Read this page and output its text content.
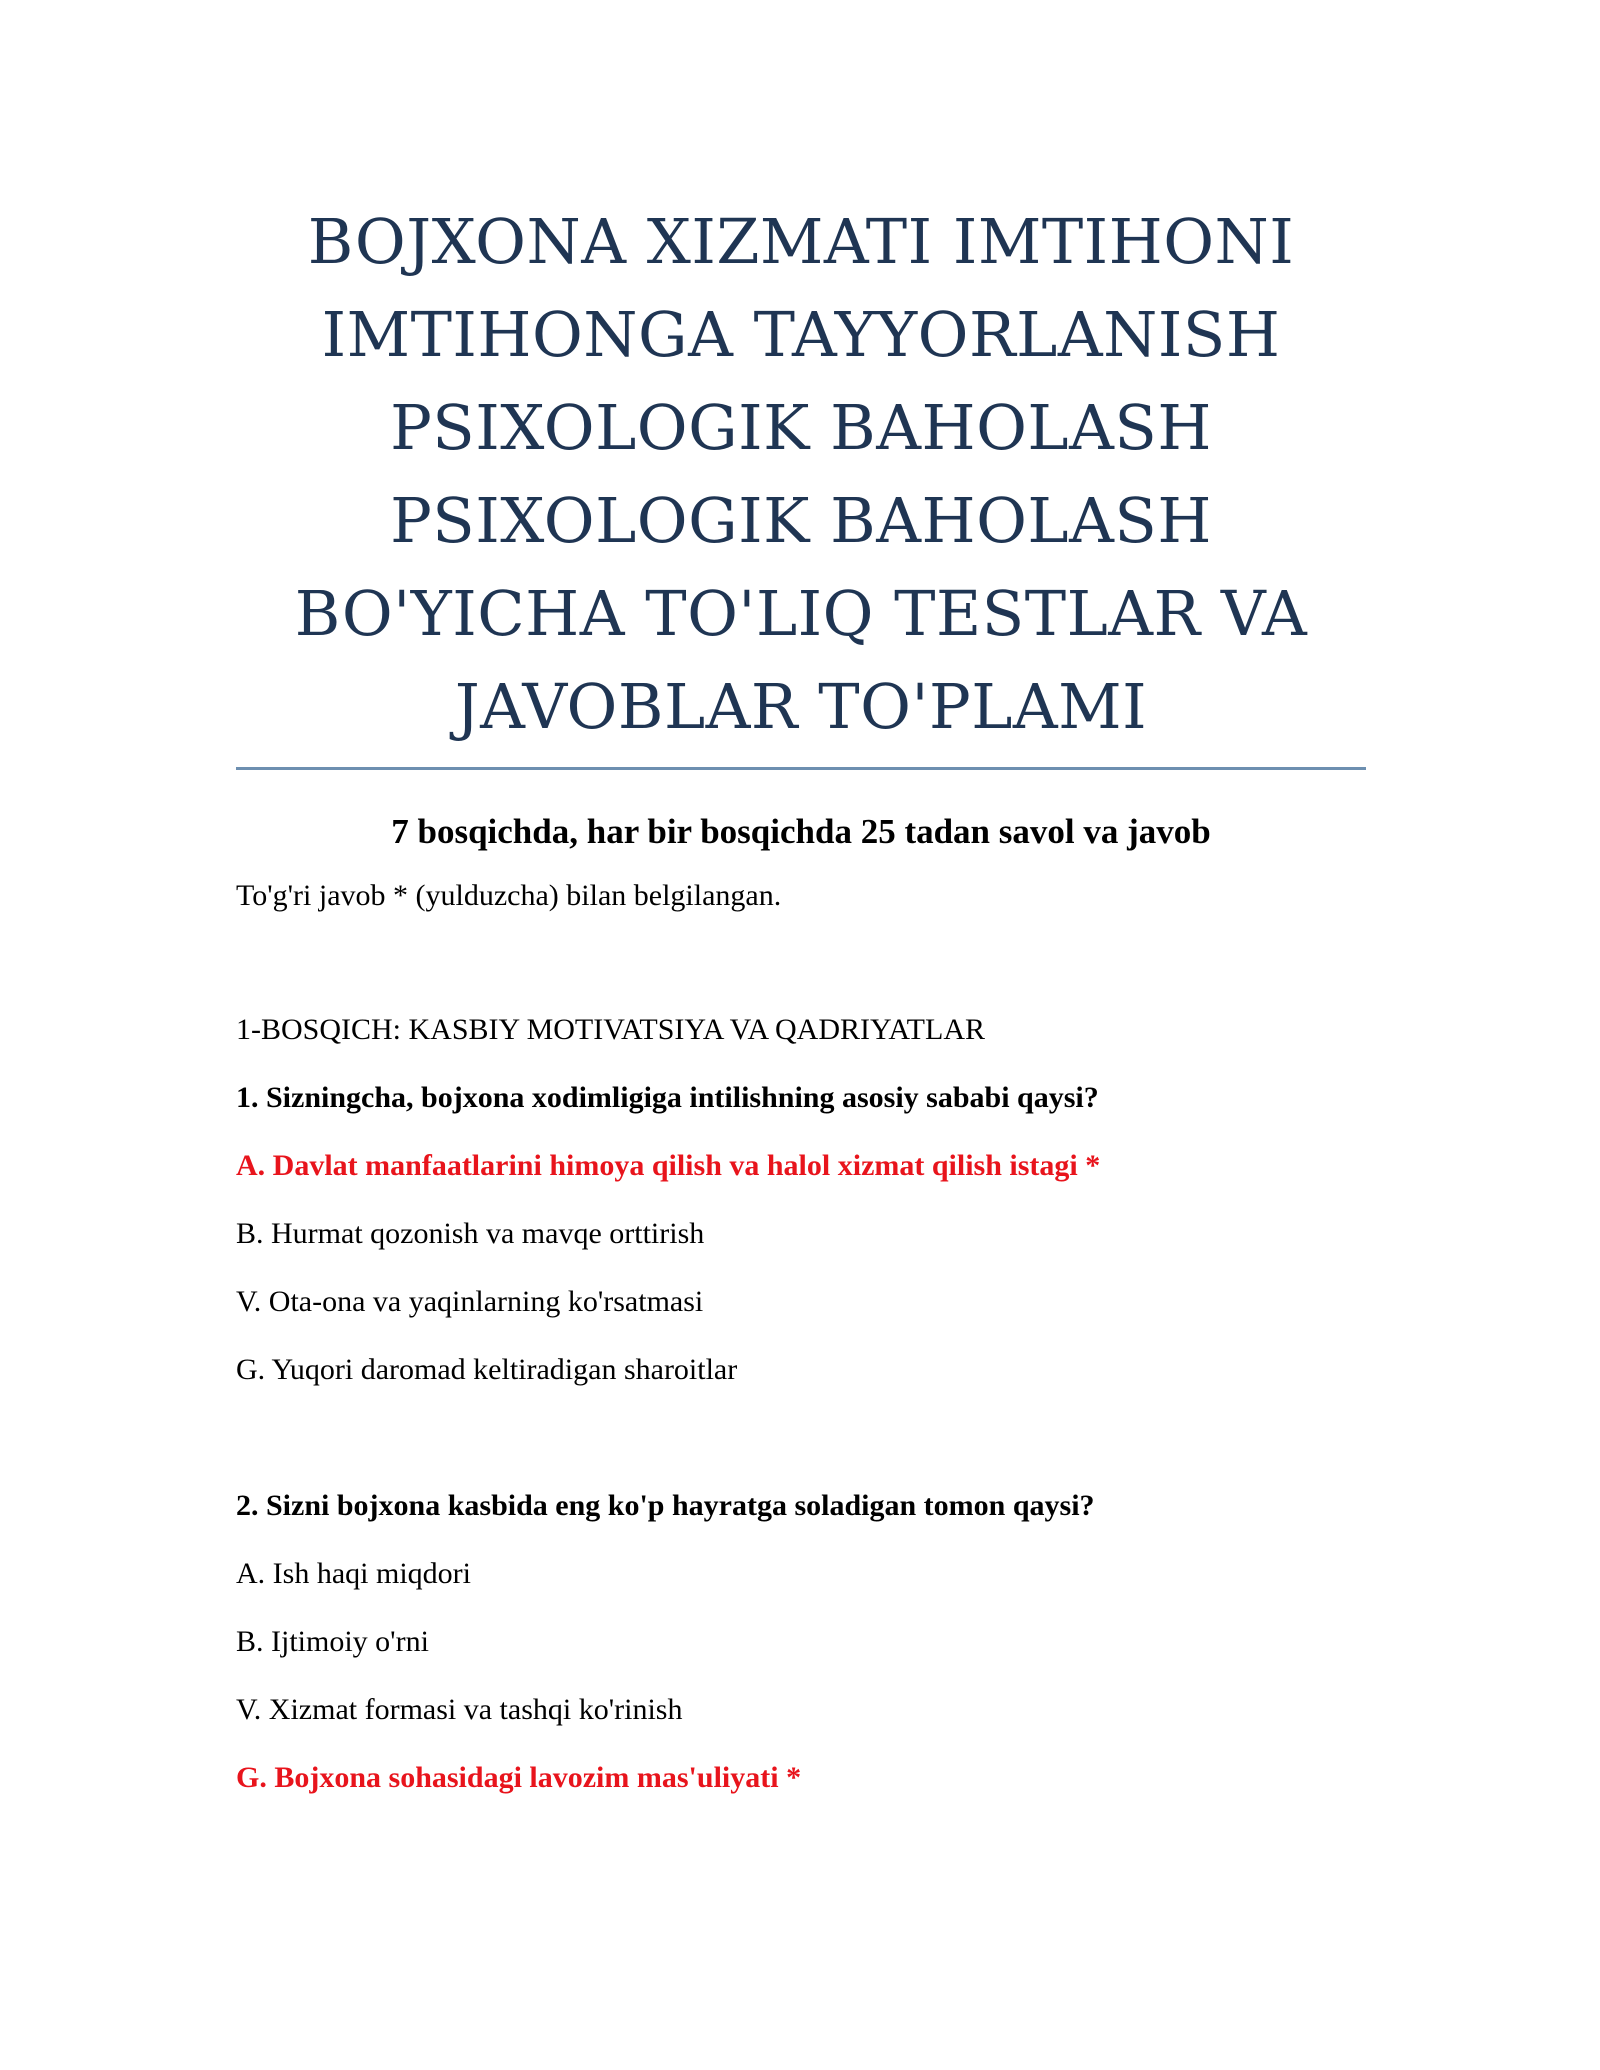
BOJXONA XIZMATI IMTIHONI
IMTIHONGA TAYYORLANISH
PSIXOLOGIK BAHOLASH
PSIXOLOGIK BAHOLASH
BO'YICHA TO'LIQ TESTLAR VA
JAVOBLAR TO'PLAMI

7 bosqichda, har bir bosqichda 25 tadan savol va javob

To'g'ri javob * (yulduzcha) bilan belgilangan.

1-BOSQICH: KASBIY MOTIVATSIYA VA QADRIYATLAR

1. Sizningcha, bojxona xodimligiga intilishning asosiy sababi qaysi?

A. Davlat manfaatlarini himoya qilish va halol xizmat qilish istagi *

B. Hurmat qozonish va mavqe orttirish

V. Ota-ona va yaqinlarning ko'rsatmasi

G. Yuqori daromad keltiradigan sharoitlar

2. Sizni bojxona kasbida eng ko'p hayratga soladigan tomon qaysi?

A. Ish haqi miqdori

B. Ijtimoiy o'rni

V. Xizmat formasi va tashqi ko'rinish

G. Bojxona sohasidagi lavozim mas'uliyati *
